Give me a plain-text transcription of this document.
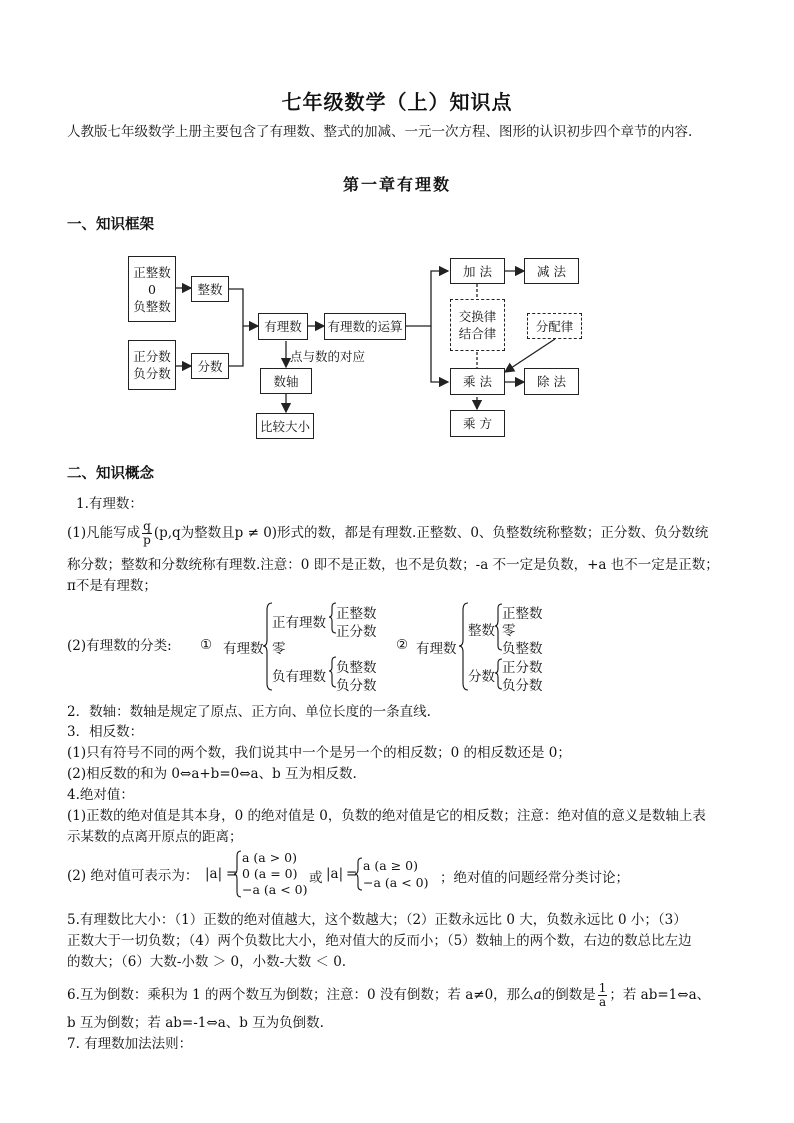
七年级数学（上）知识点
人教版七年级数学上册主要包含了有理数、整式的加减、一元一次方程、图形的认识初步四个章节的内容.
第一章有理数
一、知识框架
正整数
0
负整数
整数
正分数
负分数	分数
有理数	有理数的运算
点与数的对应
数轴
比较大小
加 法	减 法
交换律
结合律	分配律
乘 法	除 法
乘 方
二、知识概念
1.有理数：
(1)凡能写成 $\frac{q}{p} (p,q$为整数且p ≠ 0)形式的数，都是有理数.正整数、0、负整数统称整数；正分数、负分数统
称分数；整数和分数统称有理数.注意：0 即不是正数，也不是负数；-a 不一定是负数，+a 也不一定是正数；
π不是有理数；
(2)有理数的分类: ① 有理数
正有理数
正整数
正分数
零
负有理数
负整数
负分数
② 有理数
整数
正整数
零
负整数
分数
正分数
负分数
2．数轴：数轴是规定了原点、正方向、单位长度的一条直线.
3．相反数：
(1)只有符号不同的两个数，我们说其中一个是另一个的相反数；0 的相反数还是 0；
(2)相反数的和为 0⇔a+b=0⇔a、b 互为相反数.
4.绝对值：
(1)正数的绝对值是其本身，0 的绝对值是 0，负数的绝对值是它的相反数；注意：绝对值的意义是数轴上表
示某数的点离开原点的距离；
(2) 绝对值可表示为： |a| =
a (a > 0)
0 (a = 0)
−a (a < 0)
或 |a| =
a (a ≥ 0)
−a (a < 0) ；绝对值的问题经常分类讨论；
5.有理数比大小：（1）正数的绝对值越大，这个数越大；（2）正数永远比 0 大，负数永远比 0 小；（3）
正数大于一切负数；（4）两个负数比大小，绝对值大的反而小；（5）数轴上的两个数，右边的数总比左边
的数大；（6）大数-小数 ＞ 0，小数-大数 ＜ 0.
6.互为倒数：乘积为 1 的两个数互为倒数；注意：0 没有倒数；若 a≠0，那么a的倒数是 $\frac{1}{a}$ ；若 ab=1⇔a、
b 互为倒数；若 ab=-1⇔a、b 互为负倒数.
7. 有理数加法法则：
